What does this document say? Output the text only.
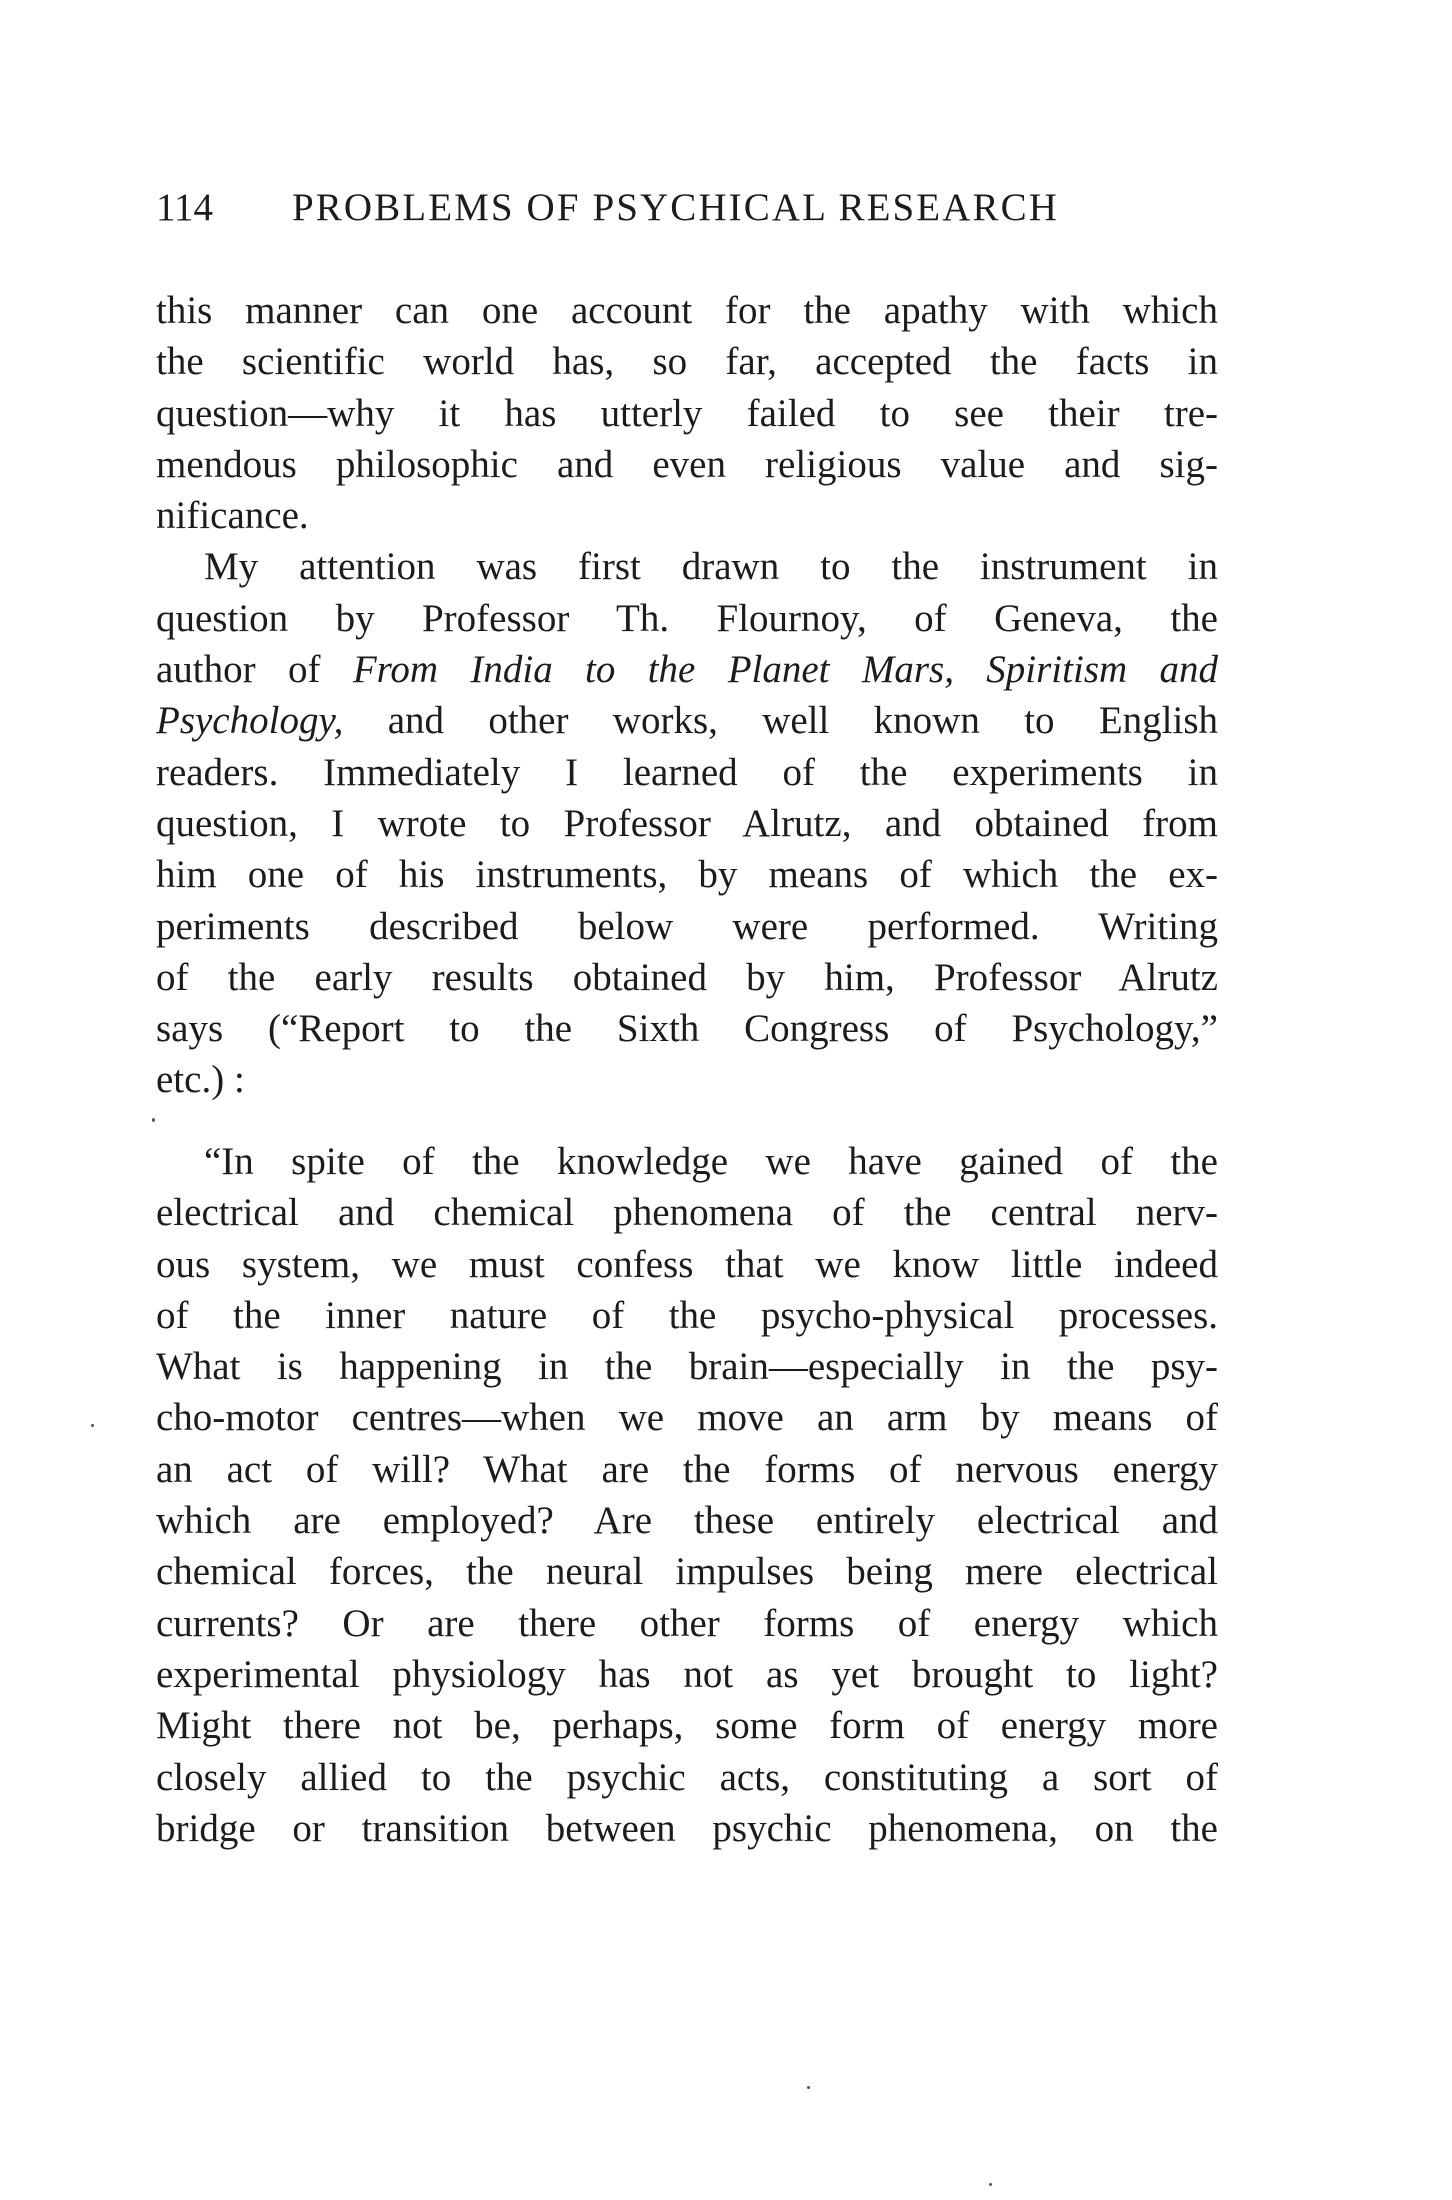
114 PROBLEMS OF PSYCHICAL RESEARCH
this manner can one account for the apathy with which
the scientific world has, so far, accepted the facts in
question—why it has utterly failed to see their tre-
mendous philosophic and even religious value and sig-
nificance.
My attention was first drawn to the instrument in
question by Professor Th. Flournoy, of Geneva, the
author of From India to the Planet Mars, Spiritism and
Psychology, and other works, well known to English
readers. Immediately I learned of the experiments in
question, I wrote to Professor Alrutz, and obtained from
him one of his instruments, by means of which the ex-
periments described below were performed. Writing
of the early results obtained by him, Professor Alrutz
says (“Report to the Sixth Congress of Psychology,”
etc.) :
“In spite of the knowledge we have gained of the
electrical and chemical phenomena of the central nerv-
ous system, we must confess that we know little indeed
of the inner nature of the psycho-physical processes.
What is happening in the brain—especially in the psy-
cho-motor centres—when we move an arm by means of
an act of will? What are the forms of nervous energy
which are employed? Are these entirely electrical and
chemical forces, the neural impulses being mere electrical
currents? Or are there other forms of energy which
experimental physiology has not as yet brought to light?
Might there not be, perhaps, some form of energy more
closely allied to the psychic acts, constituting a sort of
bridge or transition between psychic phenomena, on the
